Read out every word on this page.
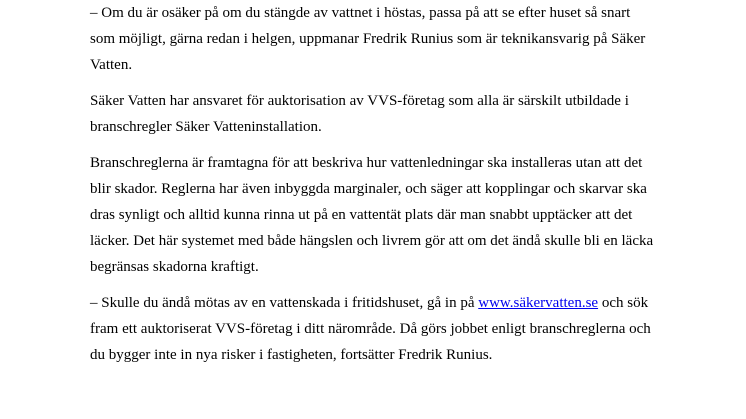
– Om du är osäker på om du stängde av vattnet i höstas, passa på att se efter huset så snart
som möjligt, gärna redan i helgen, uppmanar Fredrik Runius som är teknikansvarig på Säker
Vatten.

Säker Vatten har ansvaret för auktorisation av VVS-företag som alla är särskilt utbildade i
branschregler Säker Vatteninstallation.

Branschreglerna är framtagna för att beskriva hur vattenledningar ska installeras utan att det
blir skador. Reglerna har även inbyggda marginaler, och säger att kopplingar och skarvar ska
dras synligt och alltid kunna rinna ut på en vattentät plats där man snabbt upptäcker att det
läcker. Det här systemet med både hängslen och livrem gör att om det ändå skulle bli en läcka
begränsas skadorna kraftigt.

– Skulle du ändå mötas av en vattenskada i fritidshuset, gå in på www.säkervatten.se och sök
fram ett auktoriserat VVS-företag i ditt närområde. Då görs jobbet enligt branschreglerna och
du bygger inte in nya risker i fastigheten, fortsätter Fredrik Runius.
